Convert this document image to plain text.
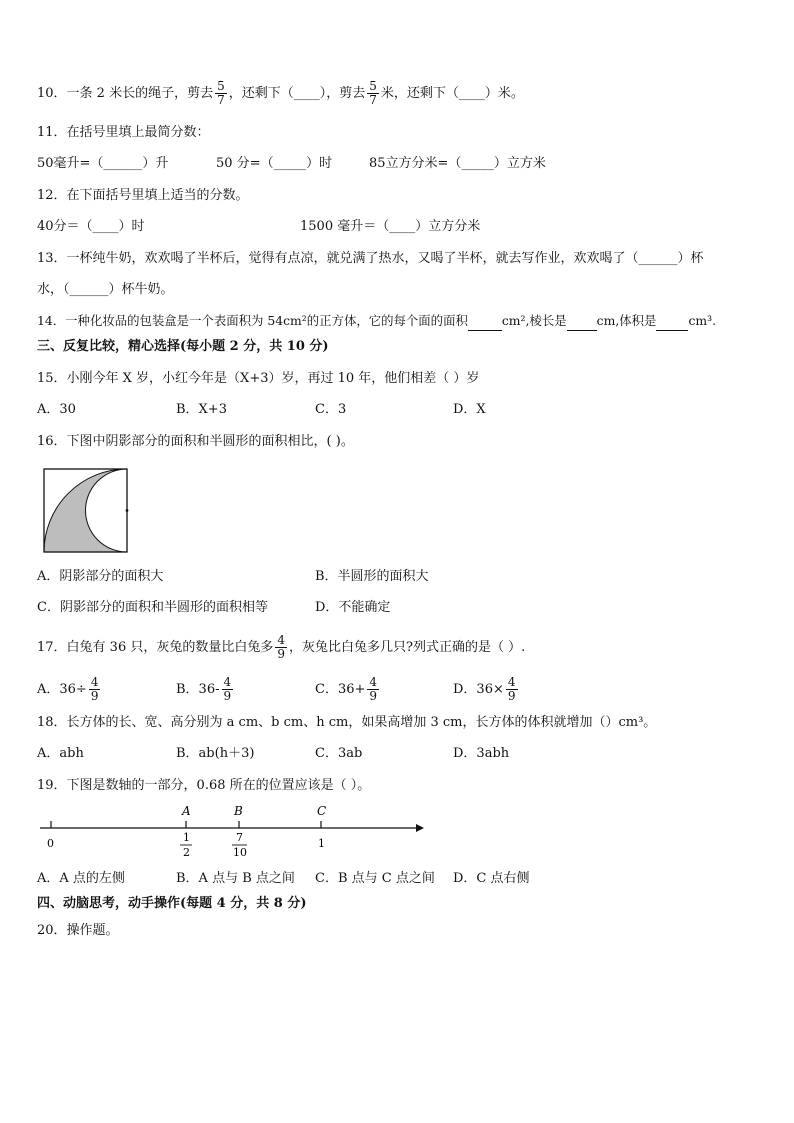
10．一条 2 米长的绳子，剪去 $\frac{5}{7}$ ，还剩下（____），剪去 $\frac{5}{7}$ 米，还剩下（____）米。
11．在括号里填上最简分数：
50毫升=（______）升	50 分=（_____）时	85立方分米=（_____）立方米
12．在下面括号里填上适当的分数。
40分＝（____）时	1500 毫升＝（____）立方分米
13．一杯纯牛奶，欢欢喝了半杯后，觉得有点凉，就兑满了热水，又喝了半杯，就去写作业，欢欢喝了（______）杯
水，（______）杯牛奶。
14．一种化妆品的包装盒是一个表面积为 54cm²的正方体，它的每个面的面积	cm²,棱长是 cm,体积是	cm³.
三、反复比较，精心选择(每小题 2 分，共 10 分)
15．小刚今年 X 岁，小红今年是（X+3）岁，再过 10 年，他们相差（ ）岁
A．30	B．X+3	C．3	D．X
16．下图中阴影部分的面积和半圆形的面积相比，( )。
A．阴影部分的面积大	B．半圆形的面积大
C．阴影部分的面积和半圆形的面积相等	D．不能确定
17．白兔有 36 只，灰兔的数量比白兔多 $\frac{4}{9}$ ，灰兔比白兔多几只?列式正确的是（ ）.
A．$36\div \frac{4}{9}$	B．$36- \frac{4}{9}$	C．$36+ \frac{4}{9}$	D．$36\times \frac{4}{9}$
18．长方体的长、宽、高分别为 a cm、b cm、h cm，如果高增加 3 cm，长方体的体积就增加（）cm³。
A．abh	B．ab(h＋3)	C．3ab	D．3abh
19．下图是数轴的一部分，0.68 所在的位置应该是（ ）。
A	B	C
0	1
2
7
10
1
A．A 点的左侧	B．A 点与 B 点之间 C．B 点与 C 点之间 D．C 点右侧
四、动脑思考，动手操作(每题 4 分，共 8 分)
20．操作题。
